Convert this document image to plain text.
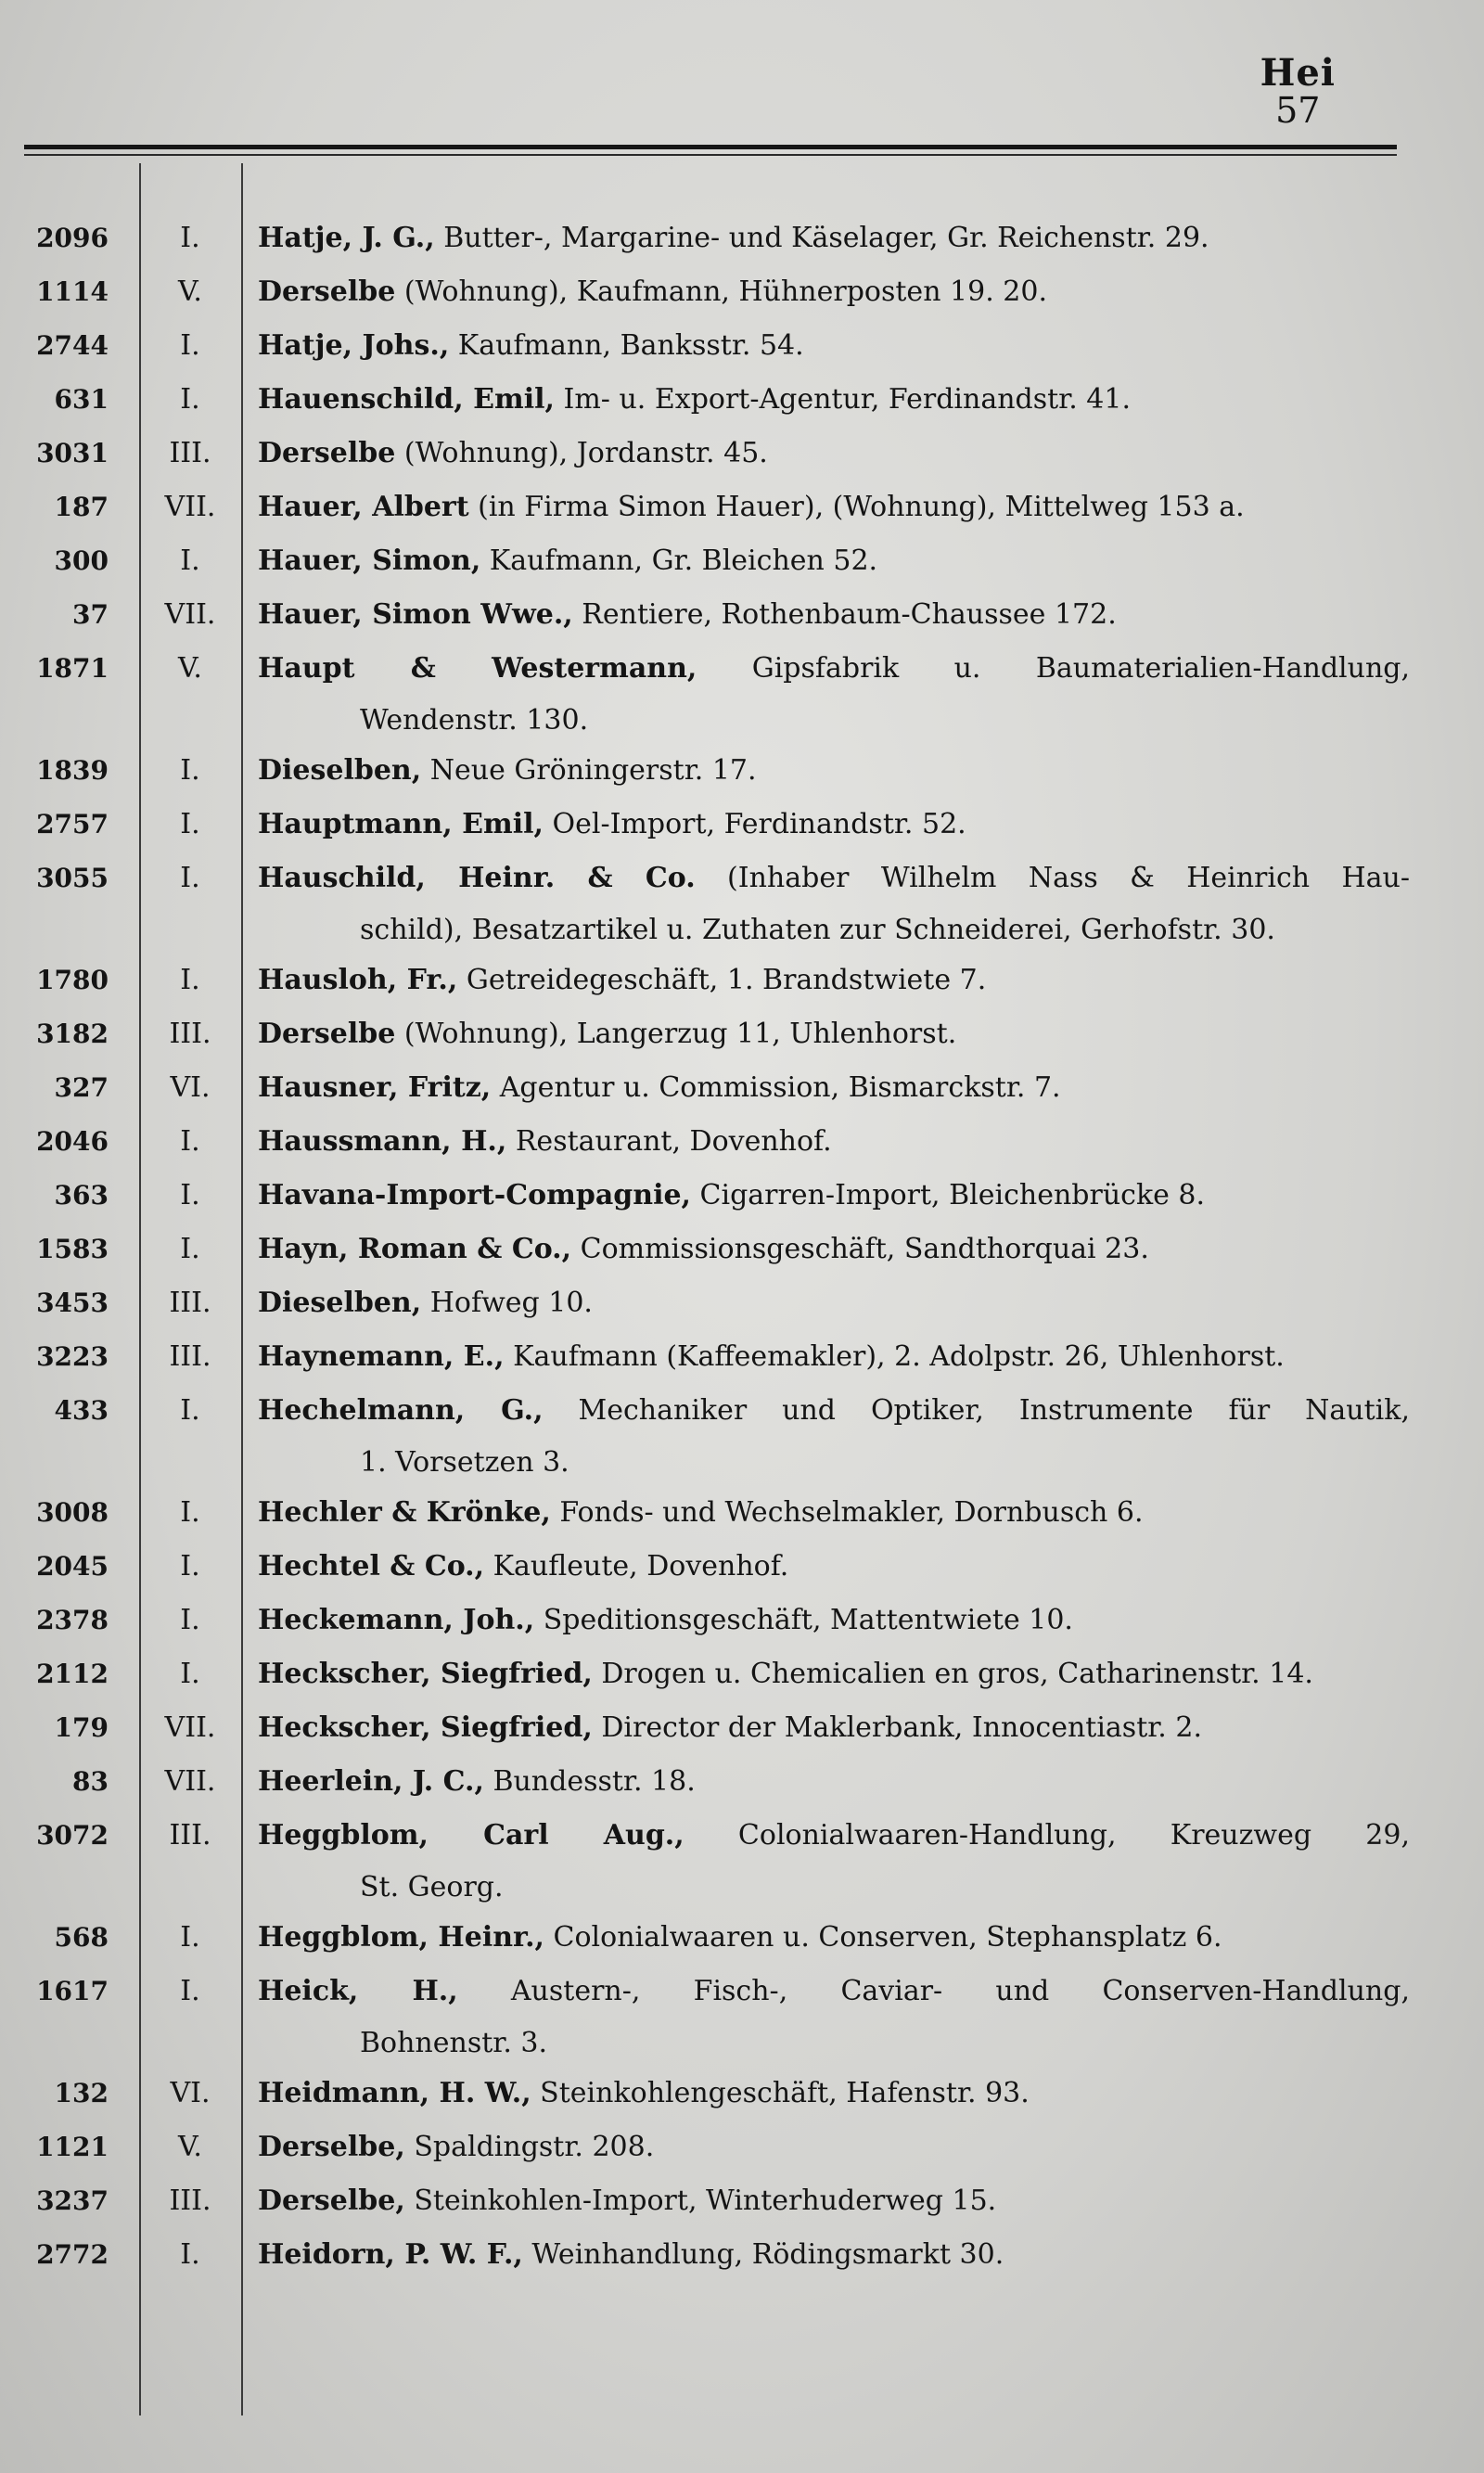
Hei
57
2096	I.	Hatje, J. G., Butter-, Margarine- und Käselager, Gr. Reichenstr. 29.
1114	V.	Derselbe (Wohnung), Kaufmann, Hühnerposten 19. 20.
2744	I.	Hatje, Johs., Kaufmann, Banksstr. 54.
631	I.	Hauenschild, Emil, Im- u. Export-Agentur, Ferdinandstr. 41.
3031	III.	Derselbe (Wohnung), Jordanstr. 45.
187	VII.	Hauer, Albert (in Firma Simon Hauer), (Wohnung), Mittelweg 153 a.
300	I.	Hauer, Simon, Kaufmann, Gr. Bleichen 52.
37	VII.	Hauer, Simon Wwe., Rentiere, Rothenbaum-Chaussee 172.
1871	V.	Haupt & Westermann, Gipsfabrik u. Baumaterialien-Handlung,
Wendenstr. 130.
1839	I.	Dieselben, Neue Gröningerstr. 17.
2757	I.	Hauptmann, Emil, Oel-Import, Ferdinandstr. 52.
3055	I.	Hauschild, Heinr. & Co. (Inhaber Wilhelm Nass & Heinrich Hau-
schild), Besatzartikel u. Zuthaten zur Schneiderei, Gerhofstr. 30.
1780	I.	Hausloh, Fr., Getreidegeschäft, 1. Brandstwiete 7.
3182	III.	Derselbe (Wohnung), Langerzug 11, Uhlenhorst.
327	VI.	Hausner, Fritz, Agentur u. Commission, Bismarckstr. 7.
2046	I.	Haussmann, H., Restaurant, Dovenhof.
363	I.	Havana-Import-Compagnie, Cigarren-Import, Bleichenbrücke 8.
1583	I.	Hayn, Roman & Co., Commissionsgeschäft, Sandthorquai 23.
3453	III.	Dieselben, Hofweg 10.
3223	III.	Haynemann, E., Kaufmann (Kaffeemakler), 2. Adolpstr. 26, Uhlenhorst.
433	I.	Hechelmann, G., Mechaniker und Optiker, Instrumente für Nautik,
1. Vorsetzen 3.
3008	I.	Hechler & Krönke, Fonds- und Wechselmakler, Dornbusch 6.
2045	I.	Hechtel & Co., Kaufleute, Dovenhof.
2378	I.	Heckemann, Joh., Speditionsgeschäft, Mattentwiete 10.
2112	I.	Heckscher, Siegfried, Drogen u. Chemicalien en gros, Catharinenstr. 14.
179	VII.	Heckscher, Siegfried, Director der Maklerbank, Innocentiastr. 2.
83	VII.	Heerlein, J. C., Bundesstr. 18.
3072	III.	Heggblom, Carl Aug., Colonialwaaren-Handlung, Kreuzweg 29,
St. Georg.
568	I.	Heggblom, Heinr., Colonialwaaren u. Conserven, Stephansplatz 6.
1617	I.	Heick, H., Austern-, Fisch-, Caviar- und Conserven-Handlung,
Bohnenstr. 3.
132	VI.	Heidmann, H. W., Steinkohlengeschäft, Hafenstr. 93.
1121	V.	Derselbe, Spaldingstr. 208.
3237	III.	Derselbe, Steinkohlen-Import, Winterhuderweg 15.
2772	I.	Heidorn, P. W. F., Weinhandlung, Rödingsmarkt 30.
